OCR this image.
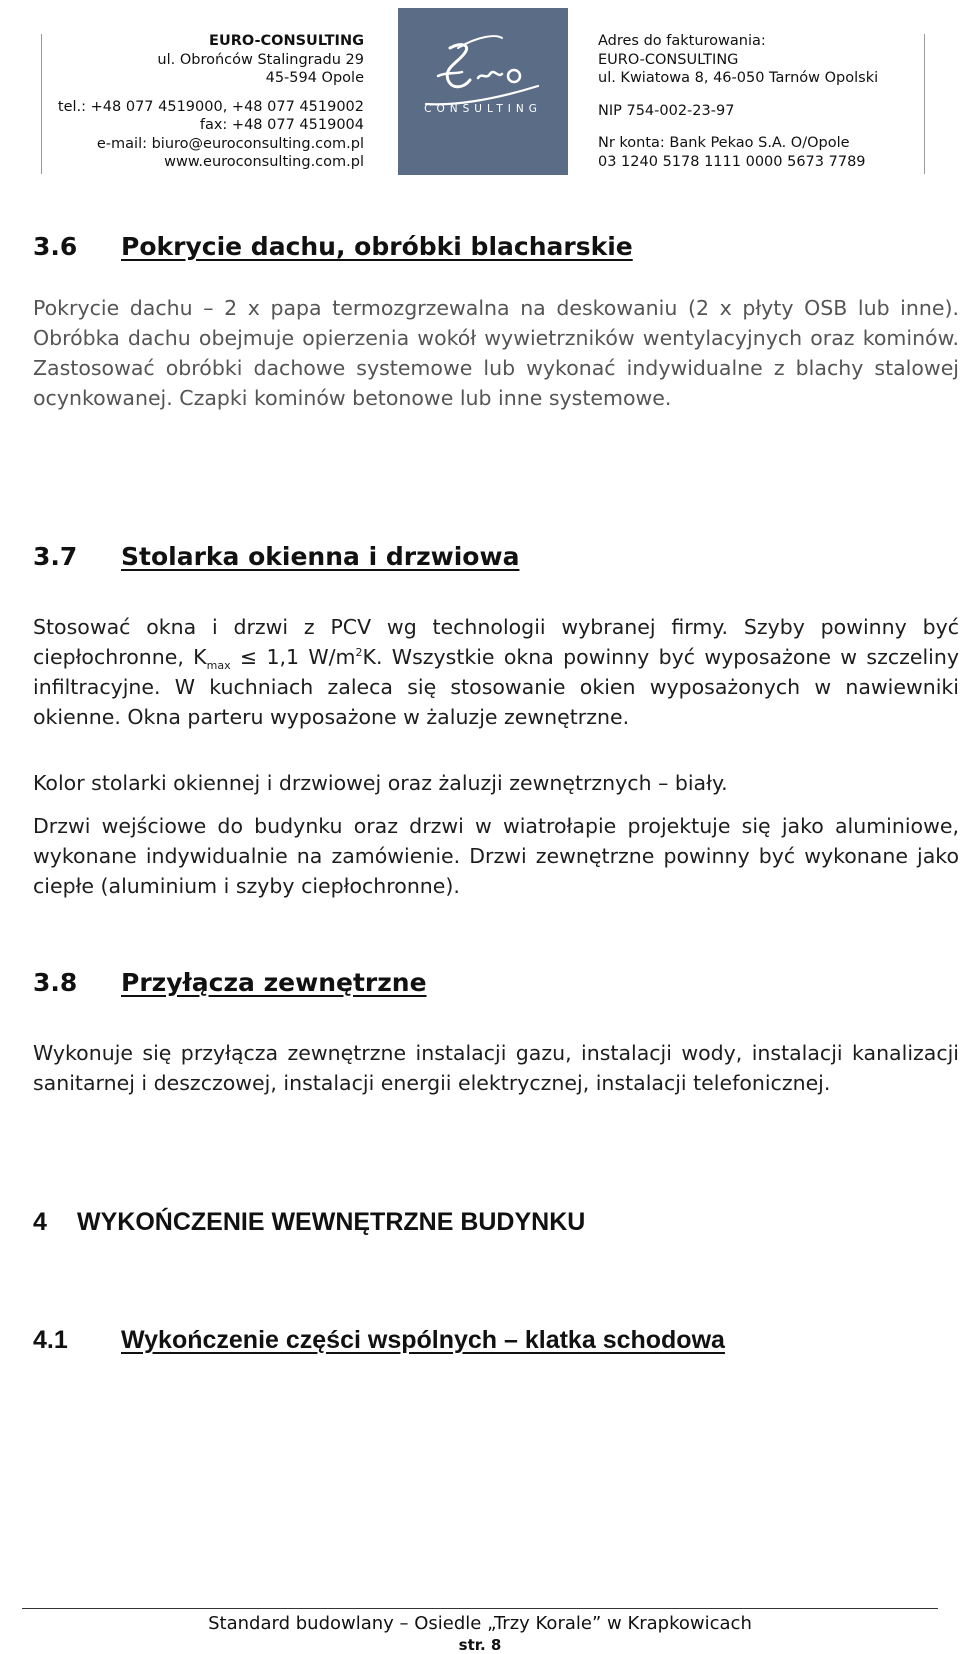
EURO-CONSULTING
ul. Obrońców Stalingradu 29
45-594 Opole
tel.: +48 077 4519000, +48 077 4519002
fax: +48 077 4519004
e-mail: biuro@euroconsulting.com.pl
www.euroconsulting.com.pl
CONSULTING
Adres do fakturowania:
EURO-CONSULTING
ul. Kwiatowa 8, 46-050 Tarnów Opolski
NIP 754-002-23-97
Nr konta: Bank Pekao S.A. O/Opole
03 1240 5178 1111 0000 5673 7789
3.6 Pokrycie dachu, obróbki blacharskie
Pokrycie dachu – 2 x papa termozgrzewalna na deskowaniu (2 x płyty OSB lub inne). Obróbka dachu obejmuje opierzenia wokół wywietrzników wentylacyjnych oraz kominów. Zastosować obróbki dachowe systemowe lub wykonać indywidualne z blachy stalowej ocynkowanej. Czapki kominów betonowe lub inne systemowe.
3.7 Stolarka okienna i drzwiowa
Stosować okna i drzwi z PCV wg technologii wybranej firmy. Szyby powinny być ciepłochronne, $K_{max} \le 1,1$ $W/m^2K$. Wszystkie okna powinny być wyposażone w szczeliny infiltracyjne. W kuchniach zaleca się stosowanie okien wyposażonych w nawiewniki okienne. Okna parteru wyposażone w żaluzje zewnętrzne.
Kolor stolarki okiennej i drzwiowej oraz żaluzji zewnętrznych – biały.
Drzwi wejściowe do budynku oraz drzwi w wiatrołapie projektuje się jako aluminiowe, wykonane indywidualnie na zamówienie. Drzwi zewnętrzne powinny być wykonane jako ciepłe (aluminium i szyby ciepłochronne).
3.8 Przyłącza zewnętrzne
Wykonuje się przyłącza zewnętrzne instalacji gazu, instalacji wody, instalacji kanalizacji sanitarnej i deszczowej, instalacji energii elektrycznej, instalacji telefonicznej.
4 WYKOŃCZENIE WEWNĘTRZNE BUDYNKU
4.1 Wykończenie części wspólnych – klatka schodowa
Standard budowlany – Osiedle „Trzy Korale” w Krapkowicach
str. 8
